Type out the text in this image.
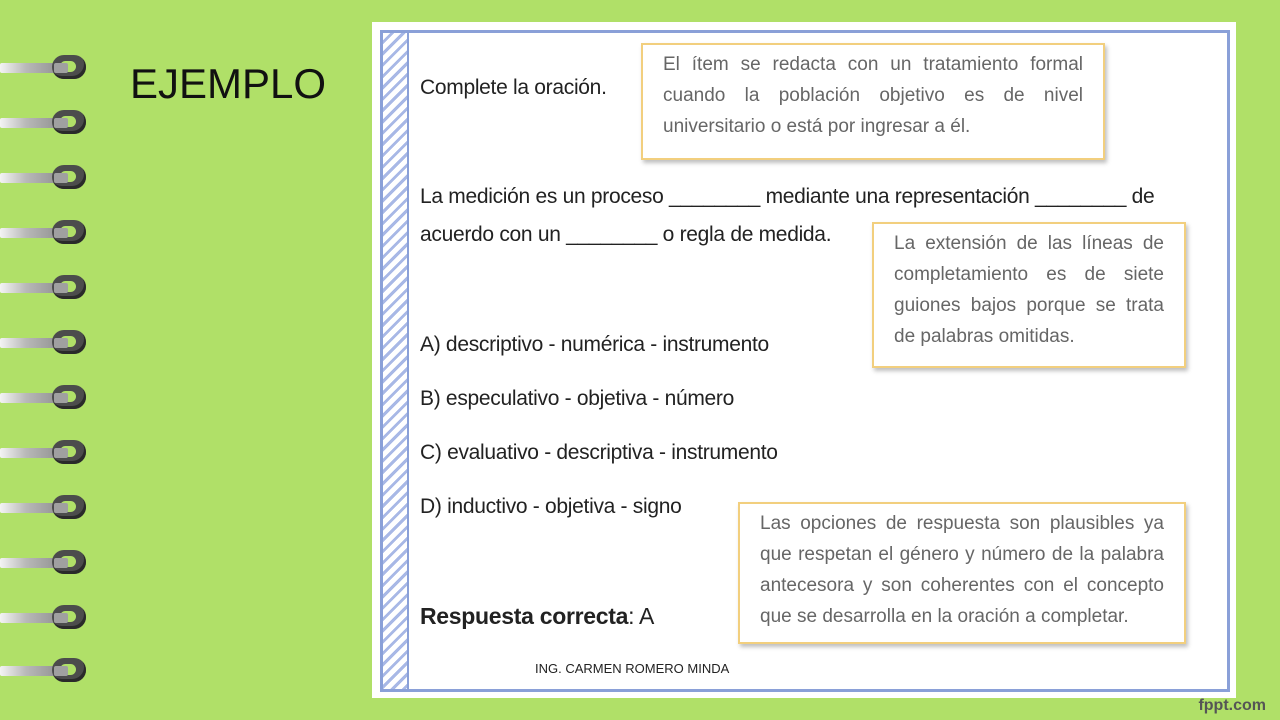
EJEMPLO	Complete la oración.
El ítem se redacta con un tratamiento formal cuando la población objetivo es de nivel universitario o está por ingresar a él.
La medición es un proceso ________ mediante una representación ________ de
acuerdo con un ________ o regla de medida.	La extensión de las líneas de completamiento es de siete guiones bajos porque se trata de palabras omitidas.
A) descriptivo - numérica - instrumento
B) especulativo - objetiva - número
C) evaluativo - descriptiva - instrumento
D) inductivo - objetiva - signo
Las opciones de respuesta son plausibles ya que respetan el género y número de la palabra antecesora y son coherentes con el concepto que se desarrolla en la oración a completar.
Respuesta correcta: A
ING. CARMEN ROMERO MINDA
fppt.com
